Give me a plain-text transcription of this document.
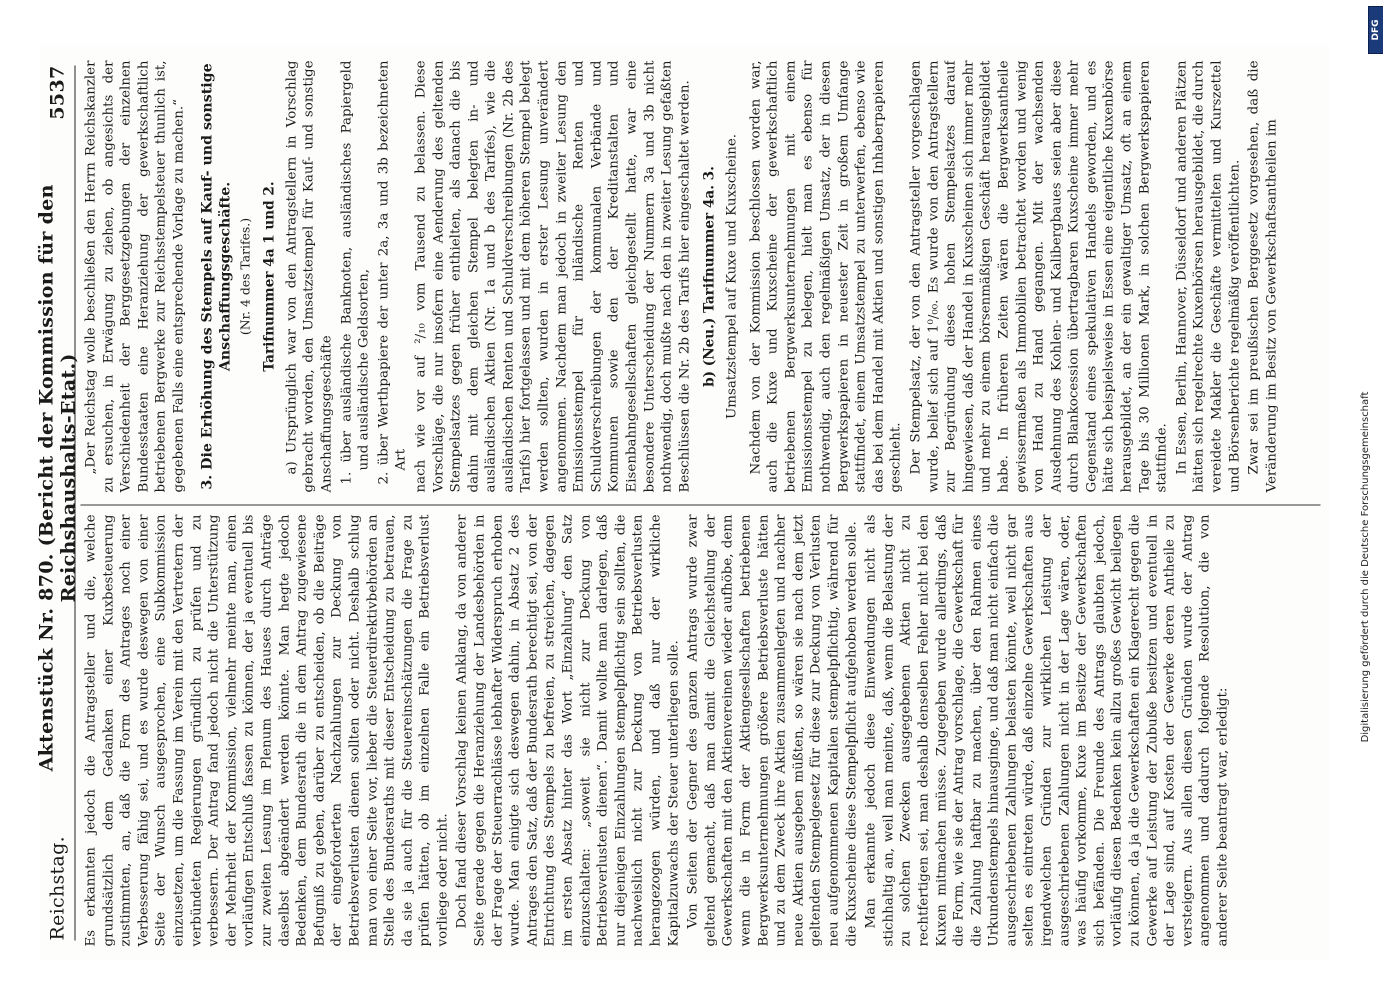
Reichstag.
Aktenstück Nr. 870. (Bericht der Kommission für den Reichshaushalts-Etat.)
5537

Es erkannten jedoch die Antragsteller und die, welche grundsätzlich dem Gedanken einer Kuxbesteuerung zustimmten, an, daß die Form des Antrages noch einer Verbesserung fähig sei, und es wurde deswegen von einer Seite der Wunsch ausgesprochen, eine Subkommission einzusetzen, um die Fassung im Verein mit den Vertretern der verbündeten Regierungen gründlich zu prüfen und zu verbessern. Der Antrag fand jedoch nicht die Unterstützung der Mehrheit der Kommission, vielmehr meinte man, einen vorläufigen Entschluß fassen zu können, der ja eventuell bis zur zweiten Lesung im Plenum des Hauses durch Anträge daselbst abgeändert werden könnte. Man hegte jedoch Bedenken, dem Bundesrath die in dem Antrag zugewiesene Befugniß zu geben, darüber zu entscheiden, ob die Beiträge der eingeforderten Nachzahlungen zur Deckung von Betriebsverlusten dienen sollten oder nicht. Deshalb schlug man von einer Seite vor, lieber die Steuerdirektivbehörden an Stelle des Bundesraths mit dieser Entscheidung zu betrauen, da sie ja auch für die Steuereinschätzungen die Frage zu prüfen hätten, ob im einzelnen Falle ein Betriebsverlust vorliege oder nicht. Doch fand dieser Vorschlag keinen Anklang, da von anderer Seite gerade gegen die Heranziehung der Landesbehörden in der Frage der Steuerrachlässe lebhafter Widerspruch erhoben wurde. Man einigte sich deswegen dahin, in Absatz 2 des Antrages den Satz, daß der Bundesrath berechtigt sei, von der Entrichtung des Stempels zu befreien, zu streichen, dagegen im ersten Absatz hinter das Wort „Einzahlung“ den Satz einzuschalten: „soweit sie nicht zur Deckung von Betriebsverlusten dienen“. Damit wollte man darlegen, daß nur diejenigen Einzahlungen stempelpflichtig sein sollten, die nachweislich nicht zur Deckung von Betriebsverlusten herangezogen würden, und daß nur der wirkliche Kapitalzuwachs der Steuer unterliegen solle. Von Seiten der Gegner des ganzen Antrags wurde zwar geltend gemacht, daß man damit die Gleichstellung der Gewerkschaften mit den Aktienvereinen wieder aufhöbe, denn wenn die in Form der Aktiengesellschaften betriebenen Bergwerksunternehmungen größere Betriebsverluste hätten und zu dem Zweck ihre Aktien zusammenlegten und nachher neue Aktien ausgeben müßten, so wären sie nach dem jetzt geltenden Stempelgesetz für diese zur Deckung von Verlusten neu aufgenommenen Kapitalien stempelpflichtig, während für die Kuxscheine diese Stempelpflicht aufgehoben werden solle. Man erkannte jedoch diese Einwendungen nicht als stichhaltig an, weil man meinte, daß, wenn die Belastung der zu solchen Zwecken ausgegebenen Aktien nicht zu rechtfertigen sei, man deshalb denselben Fehler nicht bei den Kuxen mitmachen müsse. Zugegeben wurde allerdings, daß die Form, wie sie der Antrag vorschlage, die Gewerkschaft für die Zahlung haftbar zu machen, über den Rahmen eines Urkundenstempels hinausginge, und daß man nicht einfach die ausgeschriebenen Zahlungen belasten könnte, weil nicht gar selten es eintreten würde, daß einzelne Gewerkschaften aus irgendwelchen Gründen zur wirklichen Leistung der ausgeschriebenen Zahlungen nicht in der Lage wären, oder, was häufig vorkomme, Kuxe im Besitze der Gewerkschaften sich befänden. Die Freunde des Antrags glaubten jedoch, vorläufig diesen Bedenken kein allzu großes Gewicht beilegen zu können, da ja die Gewerkschaften ein Klagerecht gegen die Gewerke auf Leistung der Zubuße besitzen und eventuell in der Lage sind, auf Kosten der Gewerke deren Antheile zu versteigern. Aus allen diesen Gründen wurde der Antrag angenommen und dadurch folgende Resolution, die von anderer Seite beantragt war, erledigt:

„Der Reichstag wolle beschließen den Herrn Reichskanzler zu ersuchen, in Erwägung zu ziehen, ob angesichts der Verschiedenheit der Berggesetzgebungen der einzelnen Bundesstaaten eine Heranziehung der gewerkschaftlich betriebenen Bergwerke zur Reichsstempelsteuer thunlich ist, gegebenen Falls eine entsprechende Vorlage zu machen.“ 3. Die Erhöhung des Stempels auf Kauf- und sonstige Anschaffungsgeschäfte. (Nr. 4 des Tarifes.) Tarifnummer 4a 1 und 2. a) Ursprünglich war von den Antragstellern in Vorschlag gebracht worden, den Umsatzstempel für Kauf- und sonstige Anschaffungsgeschäfte 1. über ausländische Banknoten, ausländisches Papiergeld und ausländische Geldsorten, 2. über Werthpapiere der unter 2a, 3a und 3b bezeichneten Art nach wie vor auf ²/₁₀ vom Tausend zu belassen. Diese Vorschläge, die nur insofern eine Aenderung des geltenden Stempelsatzes gegen früher enthielten, als danach die bis dahin mit dem gleichen Stempel belegten in- und ausländischen Aktien (Nr. 1a und b des Tarifes), wie die ausländischen Renten und Schuldverschreibungen (Nr. 2b des Tarifs) hier fortgelassen und mit dem höheren Stempel belegt werden sollten, wurden in erster Lesung unverändert angenommen. Nachdem man jedoch in zweiter Lesung den Emissionsstempel für inländische Renten und Schuldverschreibungen der kommunalen Verbände und Kommunen sowie den der Kreditanstalten und Eisenbahngesellschaften gleichgestellt hatte, war eine besondere Unterscheidung der Nummern 3a und 3b nicht nothwendig, doch mußte nach den in zweiter Lesung gefaßten Beschlüssen die Nr. 2b des Tarifs hier eingeschaltet werden. b) (Neu.) Tarifnummer 4a. 3. Umsatzstempel auf Kuxe und Kuxscheine. Nachdem von der Kommission beschlossen worden war, auch die Kuxe und Kuxscheine der gewerkschaftlich betriebenen Bergwerksunternehmungen mit einem Emissionsstempel zu belegen, hielt man es ebenso für nothwendig, auch den regelmäßigen Umsatz, der in diesen Bergwerkspapieren in neuester Zeit in großem Umfange stattfindet, einem Umsatzstempel zu unterwerfen, ebenso wie das bei dem Handel mit Aktien und sonstigen Inhaberpapieren geschieht. Der Stempelsatz, der von den Antragsteller vorgeschlagen wurde, belief sich auf 1⁰/₀₀. Es wurde von den Antragstellern zur Begründung dieses hohen Stempelsatzes darauf hingewiesen, daß der Handel in Kuxscheinen sich immer mehr und mehr zu einem börsenmäßigen Geschäft herausgebildet habe. In früheren Zeiten wären die Bergwerksantheile gewissermaßen als Immobilien betrachtet worden und wenig von Hand zu Hand gegangen. Mit der wachsenden Ausdehnung des Kohlen- und Kalibergbaues seien aber diese durch Blankocession übertragbaren Kuxscheine immer mehr Gegenstand eines spekulativen Handels geworden, und es hätte sich beispielsweise in Essen eine eigentliche Kuxenbörse herausgebildet, an der ein gewaltiger Umsatz, oft an einem Tage bis 30 Millionen Mark, in solchen Bergwerkspapieren stattfinde. In Essen, Berlin, Hannover, Düsseldorf und anderen Plätzen hätten sich regelrechte Kuxenbörsen herausgebildet, die durch vereidete Makler die Geschäfte vermittelten und Kurszettel und Börsenberichte regelmäßig veröffentlichten. Zwar sei im preußischen Berggesetz vorgesehen, daß die Veränderung im Besitz von Gewerkschaftsantheilen im

Digitalisierung gefördert durch die Deutsche Forschungsgemeinschaft
DFG
